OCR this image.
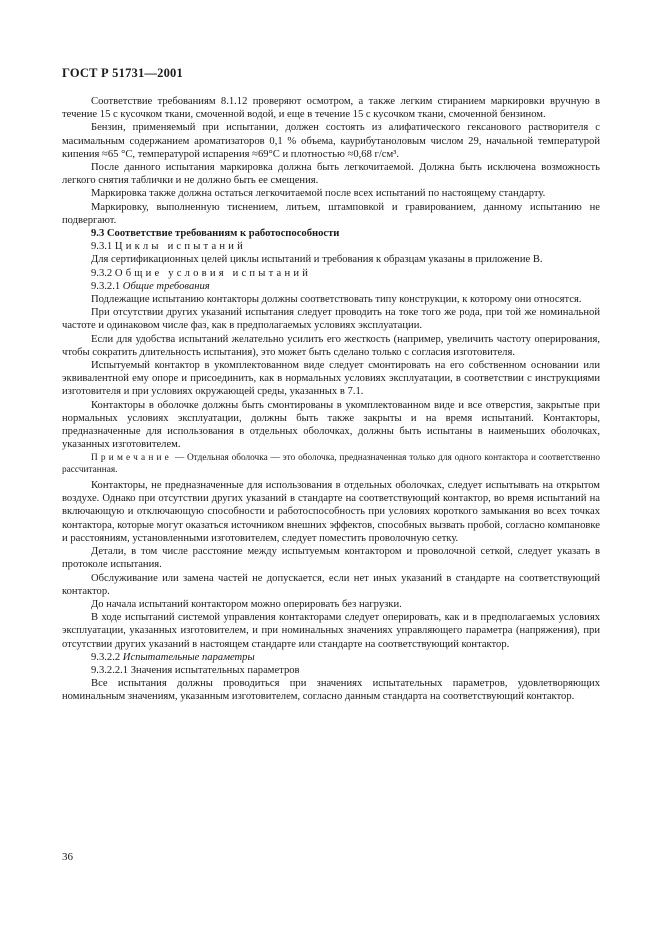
ГОСТ Р 51731—2001

Соответствие требованиям 8.1.12 проверяют осмотром, а также легким стиранием маркировки вручную в течение 15 с кусочком ткани, смоченной водой, и еще в течение 15 с кусочком ткани, смоченной бензином.

Бензин, применяемый при испытании, должен состоять из алифатического гексанового растворителя с масимальным содержанием ароматизаторов 0,1 % объема, каурибутаноловым числом 29, начальной температурой кипения ≈65 °С, температурой испарения ≈69°С и плотностью ≈0,68 г/см³.

После данного испытания маркировка должна быть легкочитаемой. Должна быть исключена возможность легкого снятия таблички и не должно быть ее смещения.

Маркировка также должна остаться легкочитаемой после всех испытаний по настоящему стандарту.

Маркировку, выполненную тиснением, литьем, штамповкой и гравированием, данному испытанию не подвергают.

9.3 Соответствие требованиям к работоспособности

9.3.1 Циклы испытаний

Для сертификационных целей циклы испытаний и требования к образцам указаны в приложение В.

9.3.2 Общие условия испытаний

9.3.2.1 Общие требования

Подлежащие испытанию контакторы должны соответствовать типу конструкции, к которому они относятся.

При отсутствии других указаний испытания следует проводить на токе того же рода, при той же номинальной частоте и одинаковом числе фаз, как в предполагаемых условиях эксплуатации.

Если для удобства испытаний желательно усилить его жесткость (например, увеличить частоту оперирования, чтобы сократить длительность испытания), это может быть сделано только с согласия изготовителя.

Испытуемый контактор в укомплектованном виде следует смонтировать на его собственном основании или эквивалентной ему опоре и присоединить, как в нормальных условиях эксплуатации, в соответствии с инструкциями изготовителя и при условиях окружающей среды, указанных в 7.1.

Контакторы в оболочке должны быть смонтированы в укомплектованном виде и все отверстия, закрытые при нормальных условиях эксплуатации, должны быть также закрыты и на время испытаний. Контакторы, предназначенные для использования в отдельных оболочках, должны быть испытаны в наименьших оболочках, указанных изготовителем.

Примечание — Отдельная оболочка — это оболочка, предназначенная только для одного контактора и соответственно рассчитанная.

Контакторы, не предназначенные для использования в отдельных оболочках, следует испытывать на открытом воздухе. Однако при отсутствии других указаний в стандарте на соответствующий контактор, во время испытаний на включающую и отключающую способности и работоспособность при условиях короткого замыкания во всех точках контактора, которые могут оказаться источником внешних эффектов, способных вызвать пробой, согласно компановке и расстояниям, установленными изготовителем, следует поместить проволочную сетку.

Детали, в том числе расстояние между испытуемым контактором и проволочной сеткой, следует указать в протоколе испытания.

Обслуживание или замена частей не допускается, если нет иных указаний в стандарте на соответствующий контактор.

До начала испытаний контактором можно оперировать без нагрузки.

В ходе испытаний системой управления контакторами следует оперировать, как и в предполагаемых условиях эксплуатации, указанных изготовителем, и при номинальных значениях управляющего параметра (напряжения), при отсутствии других указаний в настоящем стандарте или стандарте на соответствующий контактор.

9.3.2.2 Испытательные параметры

9.3.2.2.1 Значения испытательных параметров

Все испытания должны проводиться при значениях испытательных параметров, удовлетворяющих номинальным значениям, указанным изготовителем, согласно данным стандарта на соответствующий контактор.

36
